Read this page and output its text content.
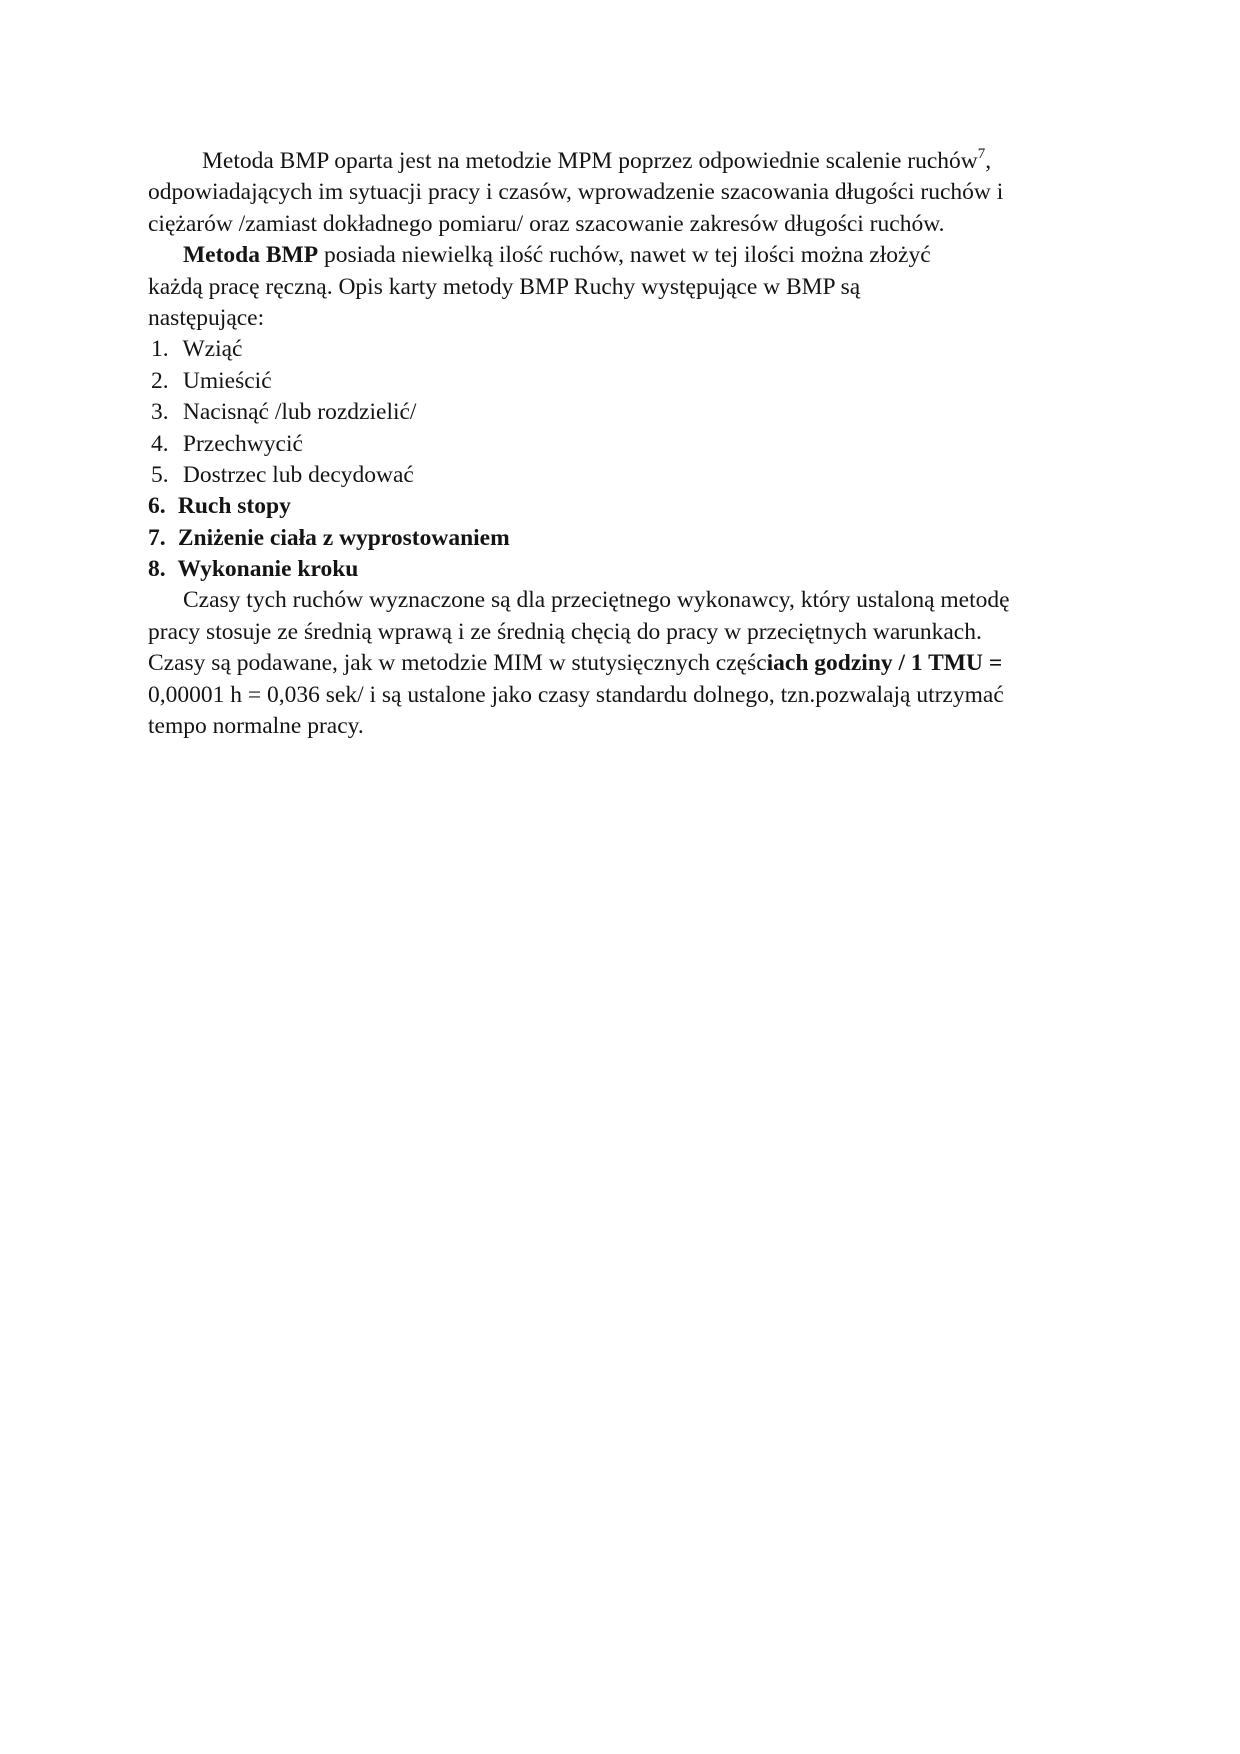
Metoda BMP oparta jest na metodzie MPM poprzez odpowiednie scalenie ruchów$^7$,
odpowiadających im sytuacji pracy i czasów, wprowadzenie szacowania długości ruchów i
ciężarów /zamiast dokładnego pomiaru/ oraz szacowanie zakresów długości ruchów.
Metoda BMP posiada niewielką ilość ruchów, nawet w tej ilości można złożyć
każdą pracę ręczną. Opis karty metody BMP Ruchy występujące w BMP są
następujące:
1. Wziąć
2. Umieścić
3. Nacisnąć /lub rozdzielić/
4. Przechwycić
5. Dostrzec lub decydować
6. Ruch stopy
7. Zniżenie ciała z wyprostowaniem
8. Wykonanie kroku
Czasy tych ruchów wyznaczone są dla przeciętnego wykonawcy, który ustaloną metodę
pracy stosuje ze średnią wprawą i ze średnią chęcią do pracy w przeciętnych warunkach.
Czasy są podawane, jak w metodzie MIM w stutysięcznych częściach godziny / 1 TMU =
0,00001 h = 0,036 sek/ i są ustalone jako czasy standardu dolnego, tzn.pozwalają utrzymać
tempo normalne pracy.
